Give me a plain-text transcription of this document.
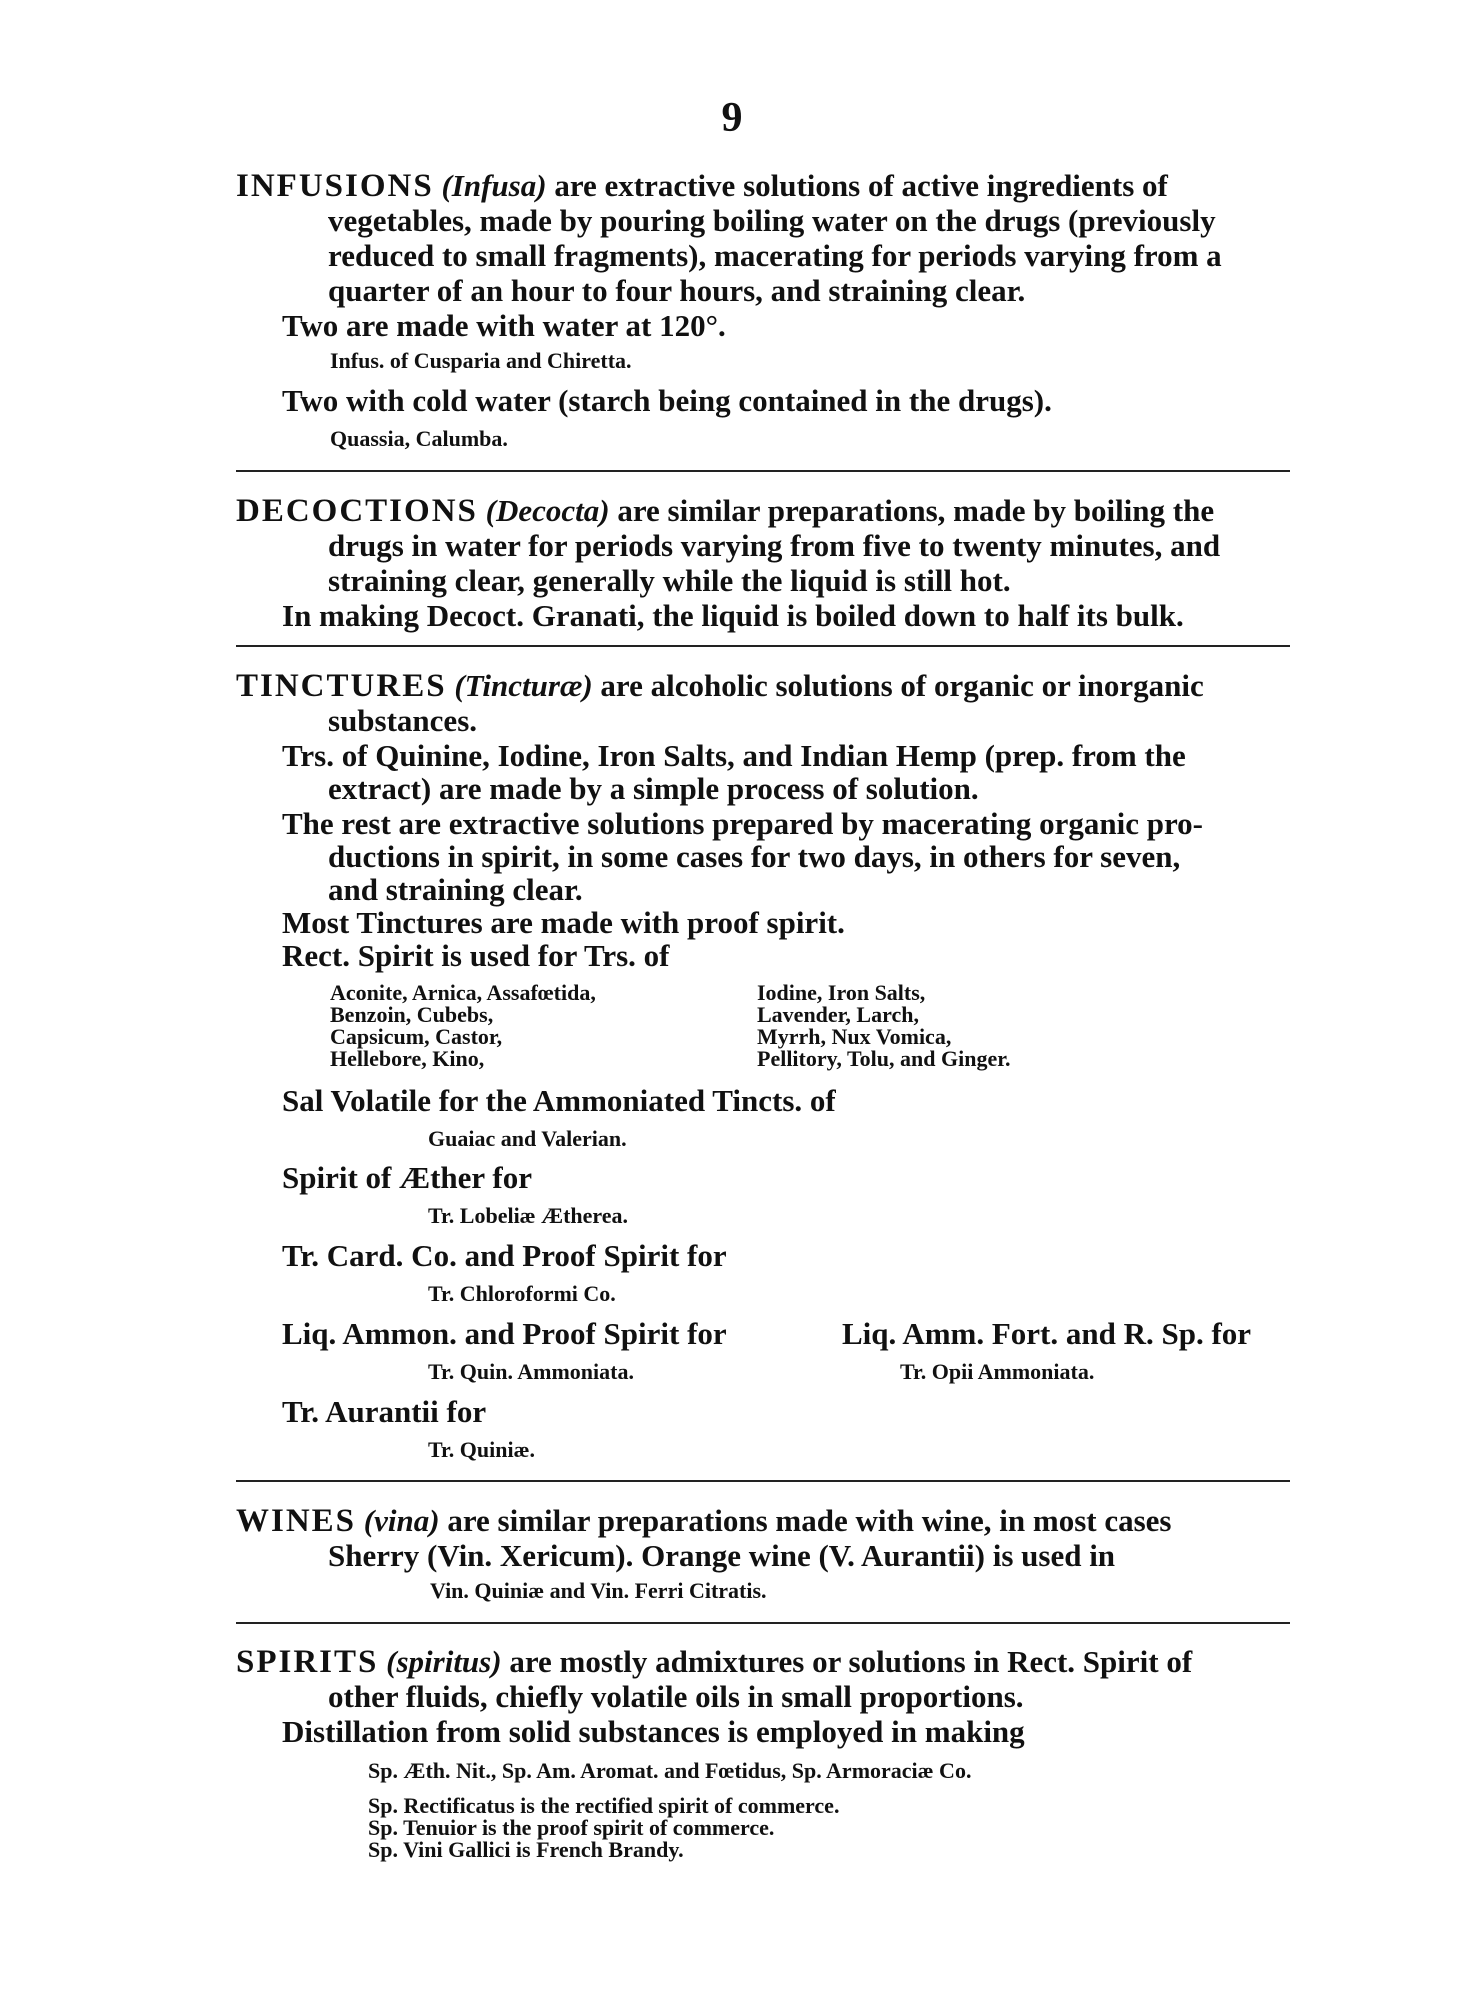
9
INFUSIONS (Infusa) are extractive solutions of active ingredients of
vegetables, made by pouring boiling water on the drugs (previously
reduced to small fragments), macerating for periods varying from a
quarter of an hour to four hours, and straining clear.
Two are made with water at 120°.
Infus. of Cusparia and Chiretta.
Two with cold water (starch being contained in the drugs).
Quassia, Calumba.
DECOCTIONS (Decocta) are similar preparations, made by boiling the
drugs in water for periods varying from five to twenty minutes, and
straining clear, generally while the liquid is still hot.
In making Decoct. Granati, the liquid is boiled down to half its bulk.
TINCTURES (Tincturæ) are alcoholic solutions of organic or inorganic
substances.
Trs. of Quinine, Iodine, Iron Salts, and Indian Hemp (prep. from the
extract) are made by a simple process of solution.
The rest are extractive solutions prepared by macerating organic pro-
ductions in spirit, in some cases for two days, in others for seven,
and straining clear.
Most Tinctures are made with proof spirit.
Rect. Spirit is used for Trs. of
Aconite, Arnica, Assafœtida,
Benzoin, Cubebs,
Capsicum, Castor,
Hellebore, Kino,
Iodine, Iron Salts,
Lavender, Larch,
Myrrh, Nux Vomica,
Pellitory, Tolu, and Ginger.
Sal Volatile for the Ammoniated Tincts. of
Guaiac and Valerian.
Spirit of Æther for
Tr. Lobeliæ Ætherea.
Tr. Card. Co. and Proof Spirit for
Tr. Chloroformi Co.
Liq. Ammon. and Proof Spirit for
Tr. Quin. Ammoniata.
Liq. Amm. Fort. and R. Sp. for
Tr. Opii Ammoniata.
Tr. Aurantii for
Tr. Quiniæ.
WINES (vina) are similar preparations made with wine, in most cases
Sherry (Vin. Xericum). Orange wine (V. Aurantii) is used in
Vin. Quiniæ and Vin. Ferri Citratis.
SPIRITS (spiritus) are mostly admixtures or solutions in Rect. Spirit of
other fluids, chiefly volatile oils in small proportions.
Distillation from solid substances is employed in making
Sp. Æth. Nit., Sp. Am. Aromat. and Fœtidus, Sp. Armoraciæ Co.
Sp. Rectificatus is the rectified spirit of commerce.
Sp. Tenuior is the proof spirit of commerce.
Sp. Vini Gallici is French Brandy.
